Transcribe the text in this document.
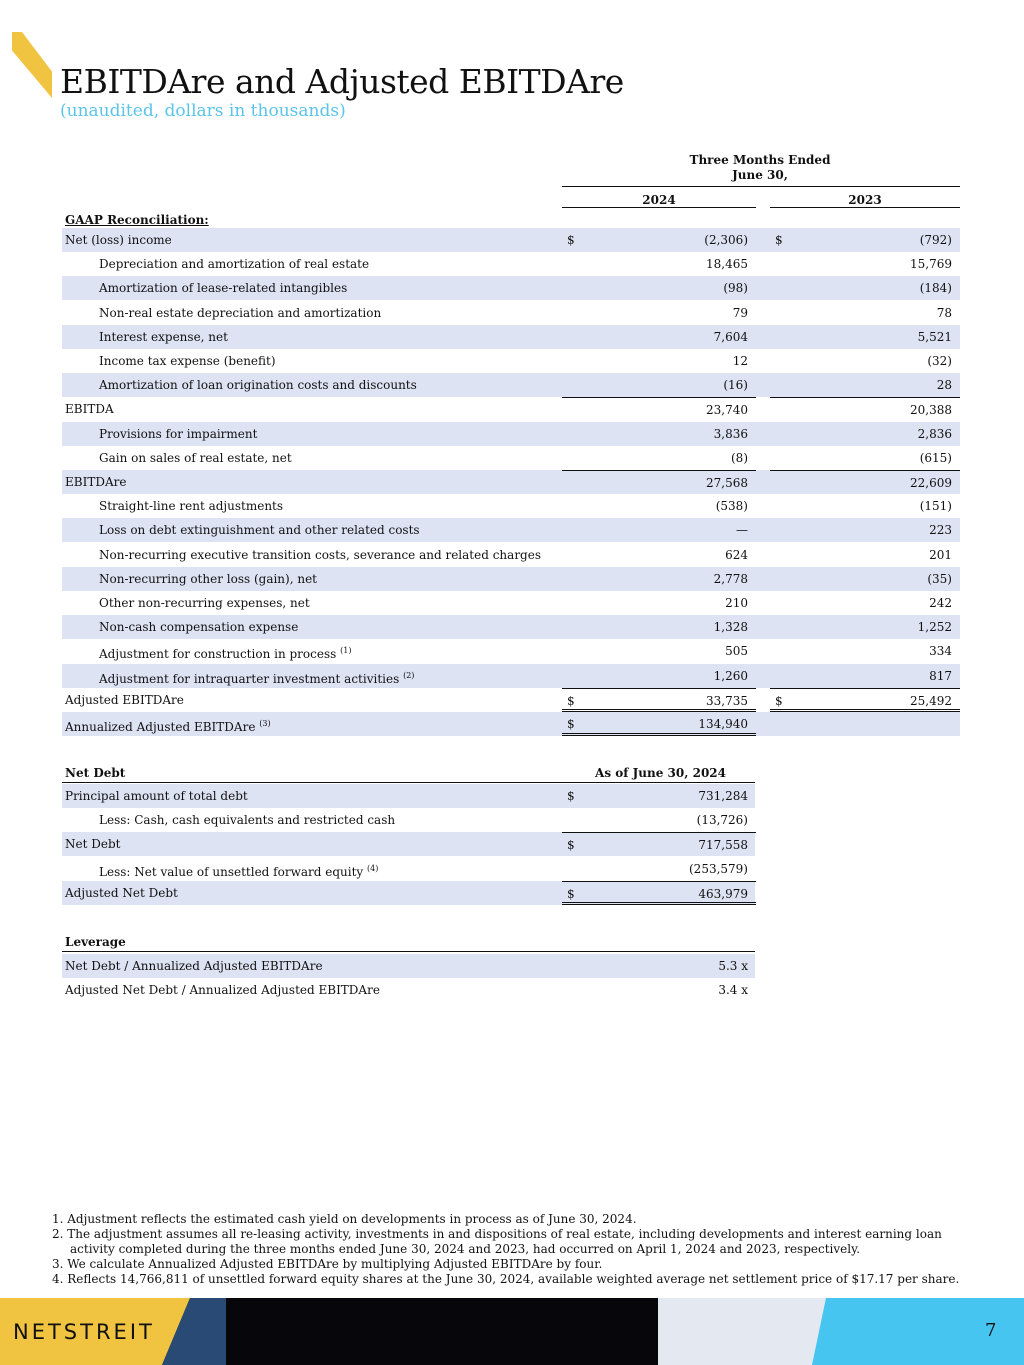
EBITDAre and Adjusted EBITDAre
(unaudited, dollars in thousands)
Three Months Ended
June 30,
2024	2023
GAAP Reconciliation:
Net (loss) income	$	(2,306) $	(792)
Depreciation and amortization of real estate	18,465	15,769
Amortization of lease-related intangibles	(98)	(184)
Non-real estate depreciation and amortization	79	78
Interest expense, net	7,604	5,521
Income tax expense (benefit)	12	(32)
Amortization of loan origination costs and discounts	(16)	28
EBITDA	23,740	20,388
Provisions for impairment	3,836	2,836
Gain on sales of real estate, net	(8)	(615)
EBITDAre	27,568	22,609
Straight-line rent adjustments	(538)	(151)
Loss on debt extinguishment and other related costs	—	223
Non-recurring executive transition costs, severance and related charges	624	201
Non-recurring other loss (gain), net	2,778	(35)
Other non-recurring expenses, net	210	242
Non-cash compensation expense	1,328	1,252
Adjustment for construction in process $^{(1)}$	505	334
Adjustment for intraquarter investment activities $^{(2)}$	1,260	817
Adjusted EBITDAre	$	33,735 $	25,492
Annualized Adjusted EBITDAre $^{(3)}$	$	134,940
Net Debt	As of June 30, 2024
Principal amount of total debt	$	731,284
Less: Cash, cash equivalents and restricted cash	(13,726)
Net Debt	$	717,558
Less: Net value of unsettled forward equity $^{(4)}$	(253,579)
Adjusted Net Debt	$	463,979
Leverage
Net Debt / Annualized Adjusted EBITDAre	5.3 x
Adjusted Net Debt / Annualized Adjusted EBITDAre	3.4 x
1. Adjustment reflects the estimated cash yield on developments in process as of June 30, 2024.
2. The adjustment assumes all re-leasing activity, investments in and dispositions of real estate, including developments and interest earning loan activity completed during the three months ended June 30, 2024 and 2023, had occurred on April 1, 2024 and 2023, respectively.
3. We calculate Annualized Adjusted EBITDAre by multiplying Adjusted EBITDAre by four.
4. Reflects 14,766,811 of unsettled forward equity shares at the June 30, 2024, available weighted average net settlement price of $17.17 per share.
NETSTREIT	7
